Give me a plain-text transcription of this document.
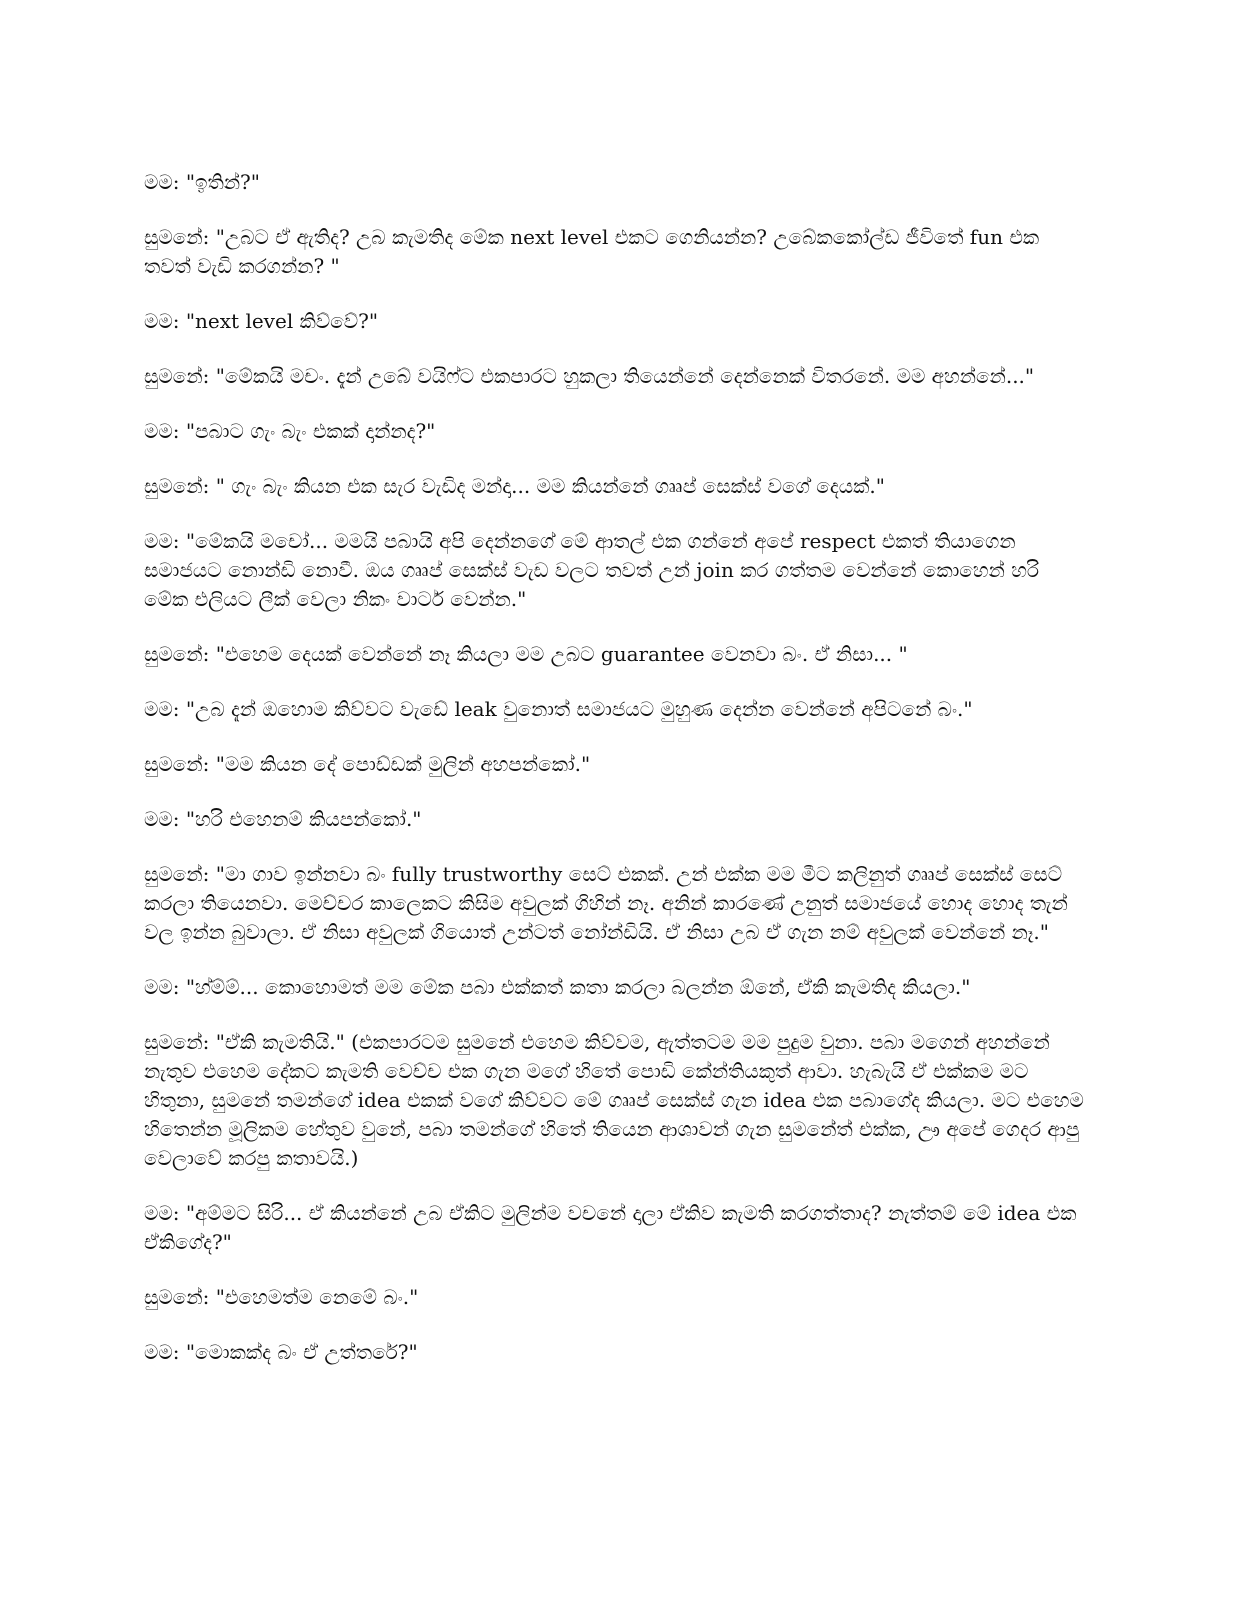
මම: "ඉතින්?"

සුමනේ: "උබට ඒ ඇතිද? උබ කැමතිද මේක next level එකට ගෙනියන්න? උබේකකෝල්ඩ ජීවිතේ fun එක තවත් වැඩි කරගන්න? "

මම: "next level කිව්වේ?"

සුමනේ: "මේකයි මචං. දැන් උබේ වයිෆ්ට එකපාරට හුකලා තියෙන්නේ දෙන්නෙක් විතරනේ. මම අහන්නේ..."

මම: "පබාට ගැං බැං එකක් දාන්නද?"

සුමනේ: " ගැං බැං කියන එක සැර වැඩිද මන්දා... මම කියන්නේ ගෲප් සෙක්ස් වගේ දෙයක්."

මම: "මේකයි මචෝ... මමයි පබායි අපි දෙන්නගේ මේ ආතල් එක ගන්නේ අපේ respect එකත් තියාගෙන සමාජයට නොන්ඩි නොවී. ඔය ගෲප් සෙක්ස් වැඩ වලට තවත් උන් join කර ගත්තම වෙන්නේ කොහෙන් හරි මේක එලියට ලීක් වෙලා නිකං වාටර් වෙන්න."

සුමනේ: "එහෙම දෙයක් වෙන්නේ නෑ කියලා මම උබට guarantee වෙනවා බං. ඒ නිසා... "

මම: "උබ දැන් ඔහොම කිව්වට වැඩේ leak වුනොත් සමාජයට මුහුණ දෙන්න වෙන්නේ අපිටනේ බං."

සුමනේ: "මම කියන දේ පොඩ්ඩක් මුලින් අහපන්කෝ."

මම: "හරි එහෙනම් කියපන්කෝ."

සුමනේ: "මා ගාව ඉන්නවා බං fully trustworthy සෙට් එකක්. උන් එක්ක මම මීට කලිනුත් ගෲප් සෙක්ස් සෙට් කරලා තියෙනවා. මෙච්චර කාලෙකට කිසිම අවුලක් ගිහින් නෑ. අනින් කාරණේ උනුත් සමාජයේ හොද හොද තැන් වල ඉන්න බුවාලා. ඒ නිසා අවුලක් ගියොත් උන්ටත් නෝන්ඩියි. ඒ නිසා උබ ඒ ගැන නම් අවුලක් වෙන්නේ නෑ."

මම: "හ්ම්ම්... කොහොමත් මම මේක පබා එක්කත් කතා කරලා බලන්න ඕනේ, ඒකි කැමතිද කියලා."

සුමනේ: "ඒකි කැමතියි." (එකපාරටම සුමනේ එහෙම කිව්වම, ඇත්තටම මම පුදුම වුනා. පබා මගෙන් අහන්නේ නැතුව එහෙම දේකට කැමති වෙච්ච එක ගැන මගේ හිතේ පොඩි කේන්තියකුත් ආවා. හැබැයි ඒ එක්කම මට හිතුනා, සුමනේ තමන්ගේ idea එකක් වගේ කිව්වට මේ ගෲප් සෙක්ස් ගැන idea එක පබාගේද කියලා. මට එහෙම හිතෙන්න මූලිකම හේතුව වුනේ, පබා තමන්ගේ හිතේ තියෙන ආශාවන් ගැන සුමනේත් එක්ක, ඌ අපේ ගෙදර ආපු වෙලාවේ කරපු කතාවයි.)

මම: "අම්මට සිරි... ඒ කියන්නේ උබ ඒකිට මුලින්ම වචනේ දාලා ඒකිව කැමති කරගත්තාද? නැත්තම් මේ idea එක ඒකිගේද?"

සුමනේ: "එහෙමත්ම නෙමේ බං."

මම: "මොකක්ද බං ඒ උත්තරේ?"
